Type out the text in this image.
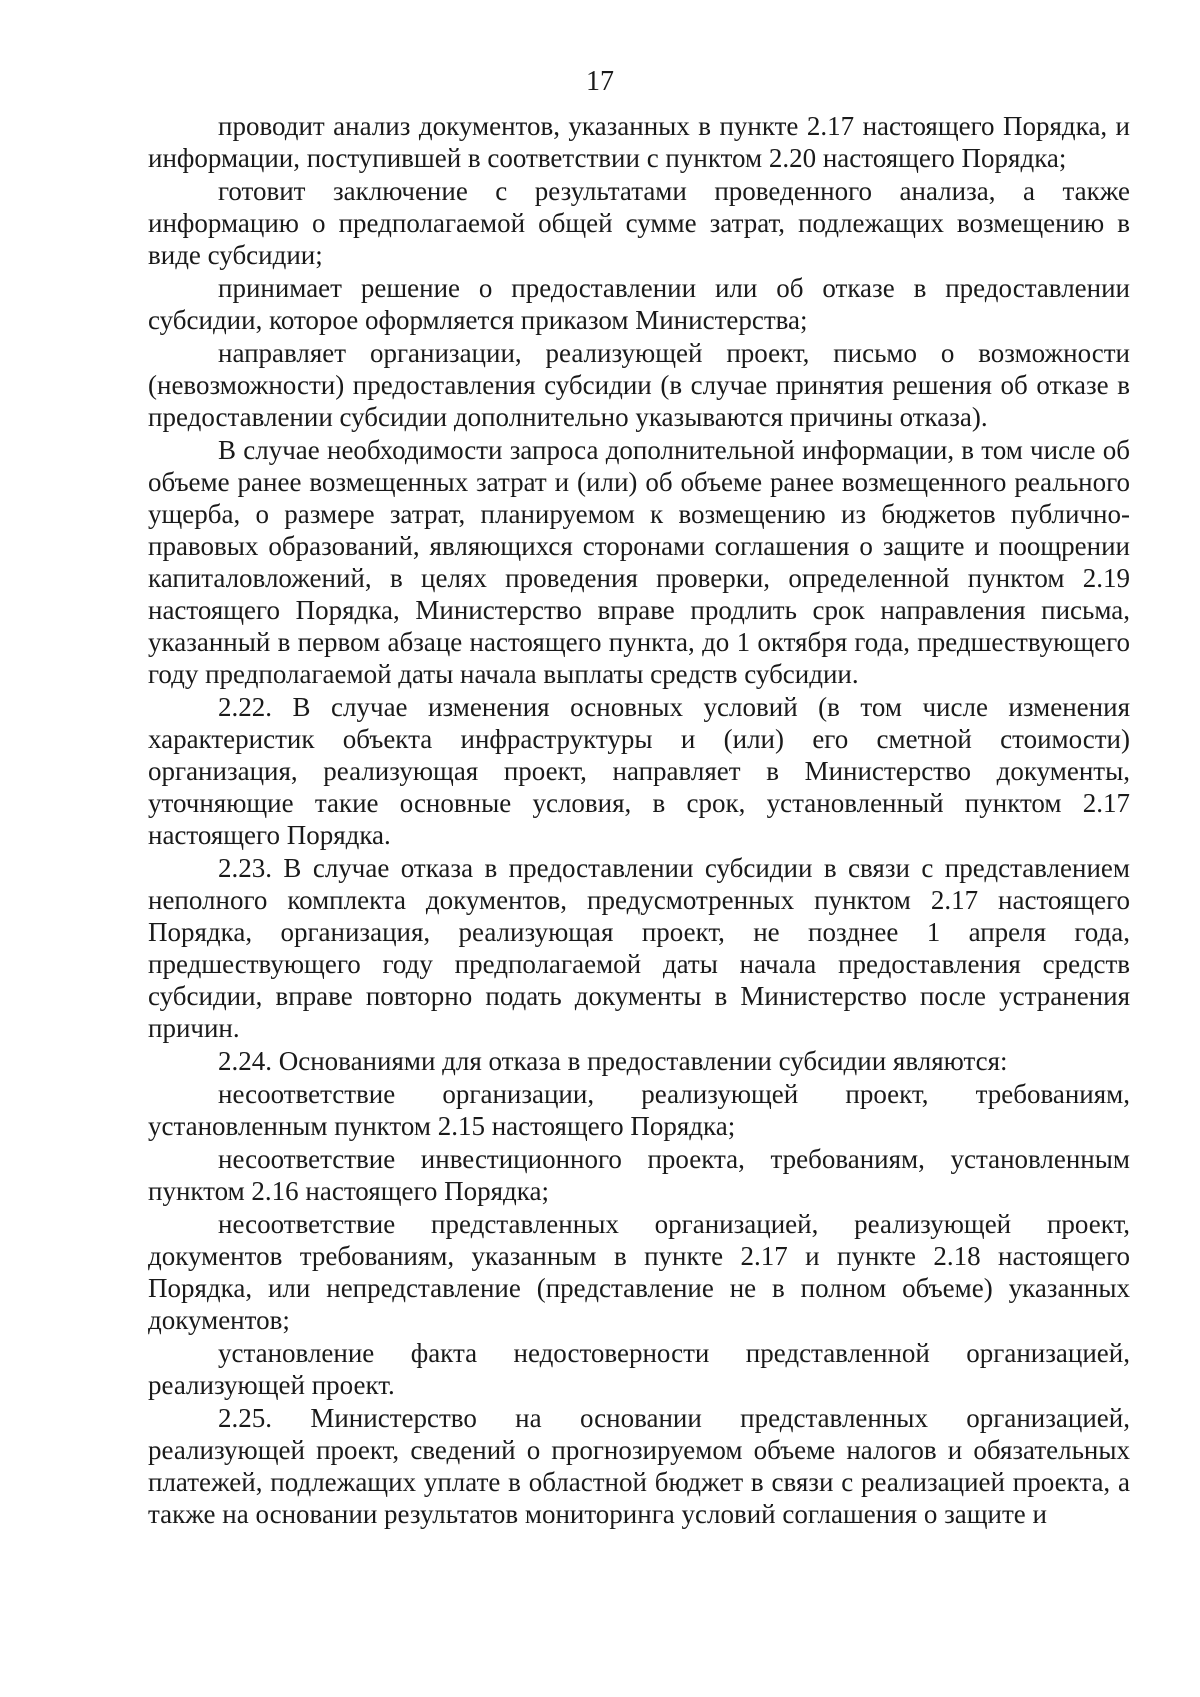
17

проводит анализ документов, указанных в пункте 2.17 настоящего Порядка, и информации, поступившей в соответствии с пунктом 2.20 настоящего Порядка;

готовит заключение с результатами проведенного анализа, а также информацию о предполагаемой общей сумме затрат, подлежащих возмещению в виде субсидии;

принимает решение о предоставлении или об отказе в предоставлении субсидии, которое оформляется приказом Министерства;

направляет организации, реализующей проект, письмо о возможности (невозможности) предоставления субсидии (в случае принятия решения об отказе в предоставлении субсидии дополнительно указываются причины отказа).

В случае необходимости запроса дополнительной информации, в том числе об объеме ранее возмещенных затрат и (или) об объеме ранее возмещенного реального ущерба, о размере затрат, планируемом к возмещению из бюджетов публично-правовых образований, являющихся сторонами соглашения о защите и поощрении капиталовложений, в целях проведения проверки, определенной пунктом 2.19 настоящего Порядка, Министерство вправе продлить срок направления письма, указанный в первом абзаце настоящего пункта, до 1 октября года, предшествующего году предполагаемой даты начала выплаты средств субсидии.

2.22. В случае изменения основных условий (в том числе изменения характеристик объекта инфраструктуры и (или) его сметной стоимости) организация, реализующая проект, направляет в Министерство документы, уточняющие такие основные условия, в срок, установленный пунктом 2.17 настоящего Порядка.

2.23. В случае отказа в предоставлении субсидии в связи с представлением неполного комплекта документов, предусмотренных пунктом 2.17 настоящего Порядка, организация, реализующая проект, не позднее 1 апреля года, предшествующего году предполагаемой даты начала предоставления средств субсидии, вправе повторно подать документы в Министерство после устранения причин.

2.24. Основаниями для отказа в предоставлении субсидии являются:

несоответствие организации, реализующей проект, требованиям, установленным пунктом 2.15 настоящего Порядка;

несоответствие инвестиционного проекта, требованиям, установленным пунктом 2.16 настоящего Порядка;

несоответствие представленных организацией, реализующей проект, документов требованиям, указанным в пункте 2.17 и пункте 2.18 настоящего Порядка, или непредставление (представление не в полном объеме) указанных документов;

установление факта недостоверности представленной организацией, реализующей проект.

2.25. Министерство на основании представленных организацией, реализующей проект, сведений о прогнозируемом объеме налогов и обязательных платежей, подлежащих уплате в областной бюджет в связи с реализацией проекта, а также на основании результатов мониторинга условий соглашения о защите и
